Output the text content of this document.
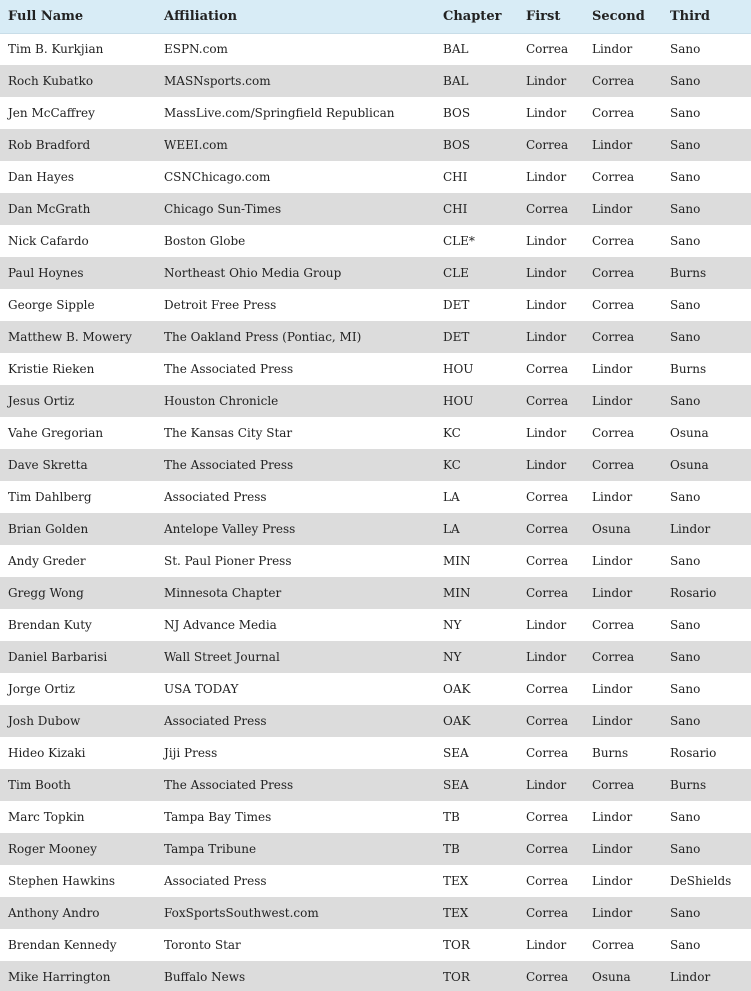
Full Name	Affiliation	Chapter	First	Second	Third
Tim B. Kurkjian	ESPN.com	BAL	Correa	Lindor	Sano
Roch Kubatko	MASNsports.com	BAL	Lindor	Correa	Sano
Jen McCaffrey	MassLive.com/Springfield Republican	BOS	Lindor	Correa	Sano
Rob Bradford	WEEI.com	BOS	Correa	Lindor	Sano
Dan Hayes	CSNChicago.com	CHI	Lindor	Correa	Sano
Dan McGrath	Chicago Sun-Times	CHI	Correa	Lindor	Sano
Nick Cafardo	Boston Globe	CLE*	Lindor	Correa	Sano
Paul Hoynes	Northeast Ohio Media Group	CLE	Lindor	Correa	Burns
George Sipple	Detroit Free Press	DET	Lindor	Correa	Sano
Matthew B. Mowery	The Oakland Press (Pontiac, MI)	DET	Lindor	Correa	Sano
Kristie Rieken	The Associated Press	HOU	Correa	Lindor	Burns
Jesus Ortiz	Houston Chronicle	HOU	Correa	Lindor	Sano
Vahe Gregorian	The Kansas City Star	KC	Lindor	Correa	Osuna
Dave Skretta	The Associated Press	KC	Lindor	Correa	Osuna
Tim Dahlberg	Associated Press	LA	Correa	Lindor	Sano
Brian Golden	Antelope Valley Press	LA	Correa	Osuna	Lindor
Andy Greder	St. Paul Pioner Press	MIN	Correa	Lindor	Sano
Gregg Wong	Minnesota Chapter	MIN	Correa	Lindor	Rosario
Brendan Kuty	NJ Advance Media	NY	Lindor	Correa	Sano
Daniel Barbarisi	Wall Street Journal	NY	Lindor	Correa	Sano
Jorge Ortiz	USA TODAY	OAK	Correa	Lindor	Sano
Josh Dubow	Associated Press	OAK	Correa	Lindor	Sano
Hideo Kizaki	Jiji Press	SEA	Correa	Burns	Rosario
Tim Booth	The Associated Press	SEA	Lindor	Correa	Burns
Marc Topkin	Tampa Bay Times	TB	Correa	Lindor	Sano
Roger Mooney	Tampa Tribune	TB	Correa	Lindor	Sano
Stephen Hawkins	Associated Press	TEX	Correa	Lindor	DeShields
Anthony Andro	FoxSportsSouthwest.com	TEX	Correa	Lindor	Sano
Brendan Kennedy	Toronto Star	TOR	Lindor	Correa	Sano
Mike Harrington	Buffalo News	TOR	Correa	Osuna	Lindor
